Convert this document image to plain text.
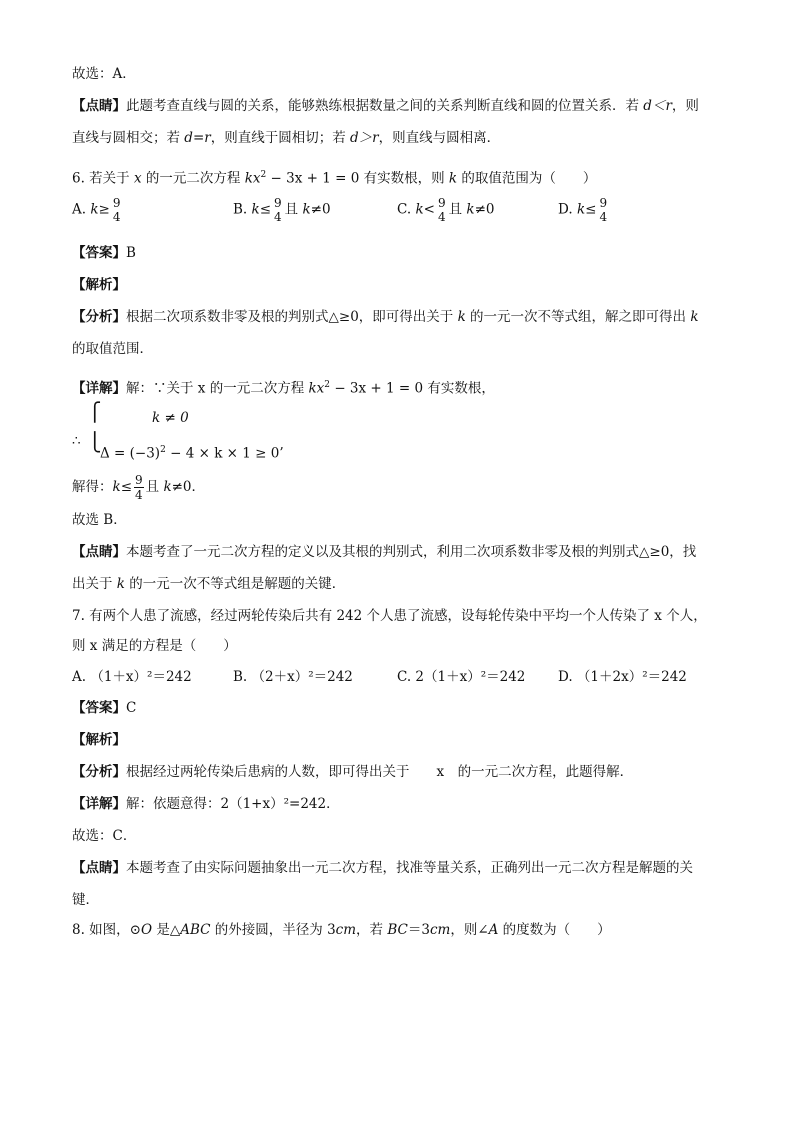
故选：A．
【点睛】此题考查直线与圆的关系，能够熟练根据数量之间的关系判断直线和圆的位置关系．若 d＜r，则
直线与圆相交；若 d=r，则直线于圆相切；若 d＞r，则直线与圆相离．
6. 若关于 x 的一元二次方程 $kx^2 - 3x + 1 = 0$ 有实数根，则 k 的取值范围为（　　）
A. k≥ 9
4	B. k≤ 9
4 且 k≠0	C. k< 9
4 且 k≠0	D. k≤ 9
4
【答案】B
【解析】
【分析】根据二次项系数非零及根的判别式△≥0，即可得出关于 k 的一元一次不等式组，解之即可得出 k
的取值范围．
【详解】解：∵关于 x 的一元二次方程 $kx^2 - 3x + 1 = 0$ 有实数根，
⎧
⎩
k ≠ 0
∴
$\Delta = (-3)^2 - 4 \times k \times 1 \ge 0$’
解得：$k\le \frac{9}{4}$ 且 k≠0．
故选 B．
【点睛】本题考查了一元二次方程的定义以及其根的判别式，利用二次项系数非零及根的判别式△≥0，找
出关于 k 的一元一次不等式组是解题的关键．
7. 有两个人患了流感，经过两轮传染后共有 242 个人患了流感，设每轮传染中平均一个人传染了 x 个人，
则 x 满足的方程是（　　）
A. （1＋x）²＝242	B. （2＋x）²＝242	C. 2（1＋x）²＝242 D. （1＋2x）²＝242
【答案】C
【解析】
【分析】根据经过两轮传染后患病的人数，即可得出关于　　x　的一元二次方程，此题得解．
【详解】解：依题意得：2（1+x）²=242．
故选：C．
【点睛】本题考查了由实际问题抽象出一元二次方程，找准等量关系，正确列出一元二次方程是解题的关
键．
8. 如图，⊙O 是△ABC 的外接圆，半径为 3cm，若 BC＝3cm，则∠A 的度数为（　　）
